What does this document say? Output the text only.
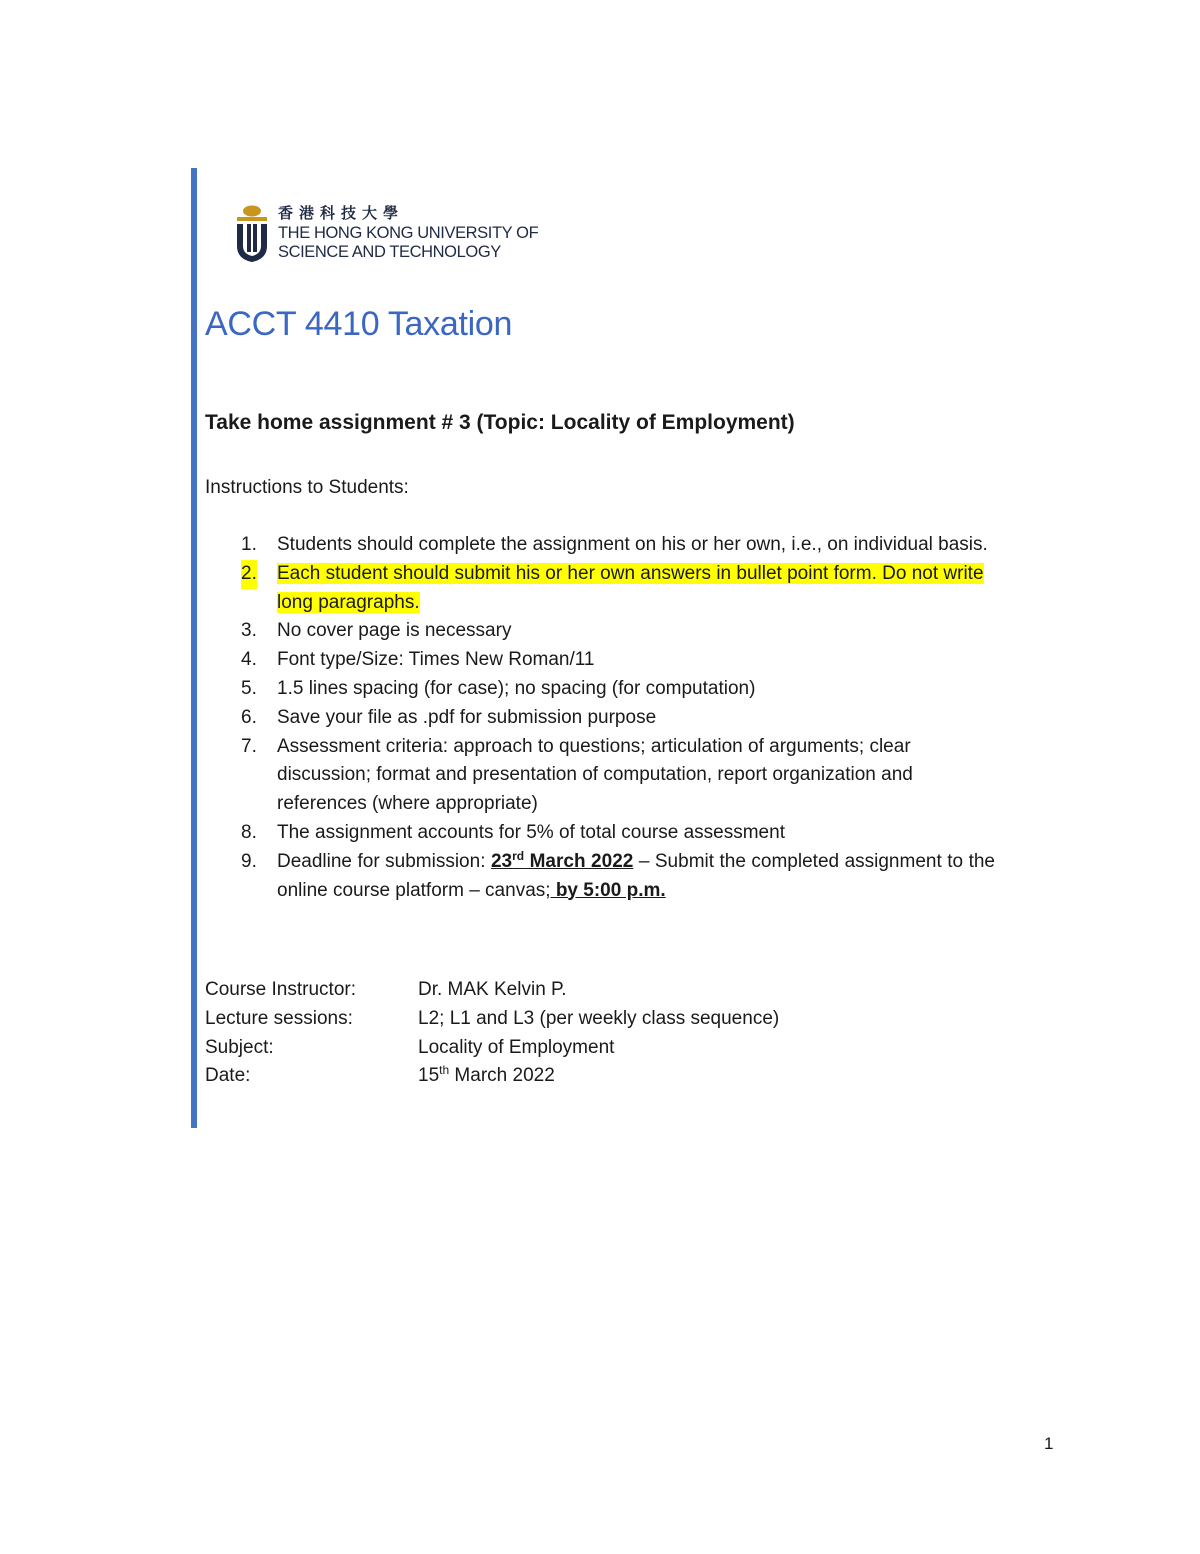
香港科技大學
THE HONG KONG UNIVERSITY OF
SCIENCE AND TECHNOLOGY
ACCT 4410 Taxation
Take home assignment # 3 (Topic: Locality of Employment)
Instructions to Students:
1. Students should complete the assignment on his or her own, i.e., on individual basis.
2. Each student should submit his or her own answers in bullet point form. Do not write long paragraphs.
3. No cover page is necessary
4. Font type/Size: Times New Roman/11
5. 1.5 lines spacing (for case); no spacing (for computation)
6. Save your file as .pdf for submission purpose
7. Assessment criteria: approach to questions; articulation of arguments; clear discussion; format and presentation of computation, report organization and references (where appropriate)
8. The assignment accounts for 5% of total course assessment
9. Deadline for submission: 23rd March 2022 – Submit the completed assignment to the online course platform – canvas; by 5:00 p.m.
Course Instructor:	Dr. MAK Kelvin P.
Lecture sessions:	L2; L1 and L3 (per weekly class sequence)
Subject:	Locality of Employment
Date:	15th March 2022
1
